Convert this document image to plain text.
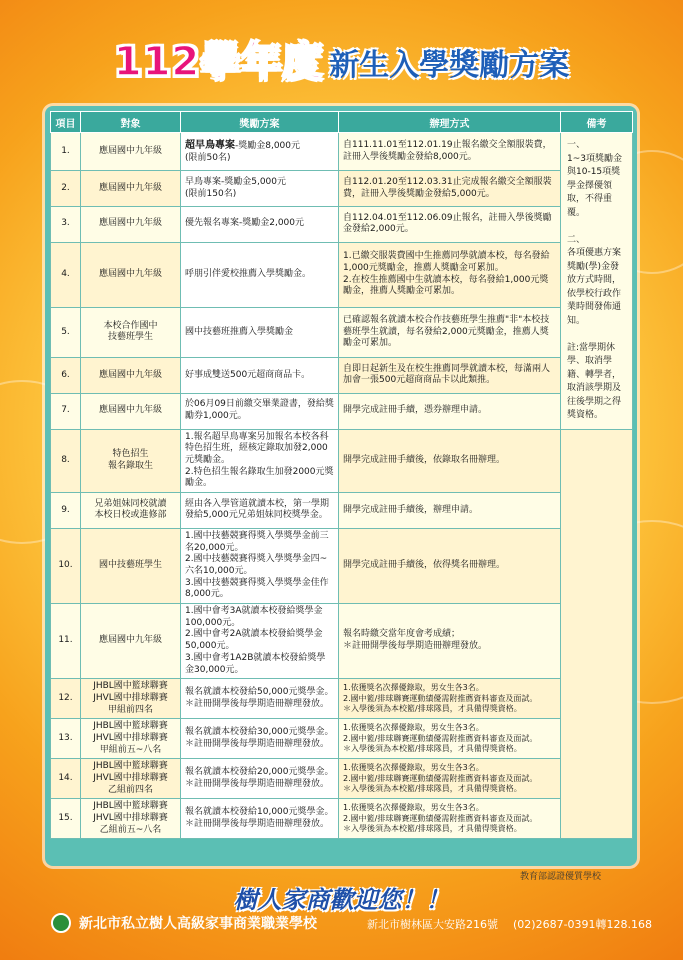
112學年度 新生入學獎勵方案
項目	對象	獎勵方案	辦理方式	備考
1.	應屆國中九年級	超早鳥專案-獎勵金8,000元
(限前50名)	自111.11.01至112.01.19止報名繳交全額服裝費，註冊入學後獎勵金發給8,000元。	一、
1~3項獎勵金與10-15項獎學金擇優領取，不得重覆。

二、
各項優惠方案獎勵(學)金發放方式時間，依學校行政作業時間發佈通知。

註:當學期休學、取消學籍、轉學者，取消該學期及往後學期之得獎資格。
2.	應屆國中九年級	早鳥專案-獎勵金5,000元
(限前150名)	自112.01.20至112.03.31止完成報名繳交全額服裝費，註冊入學後獎勵金發給5,000元。	
3.	應屆國中九年級	優先報名專案-獎勵金2,000元	自112.04.01至112.06.09止報名，註冊入學後獎勵金發給2,000元。	
4.	應屆國中九年級	呼朋引伴愛校推薦入學獎勵金。	1.已繳交服裝費國中生推薦同學就讀本校，每名發給1,000元獎勵金，推薦人獎勵金可累加。
2.在校生推薦國中生就讀本校，每名發給1,000元獎勵金，推薦人獎勵金可累加。	
5.	本校合作國中
技藝班學生	國中技藝班推薦入學獎勵金	已確認報名就讀本校合作技藝班學生推薦"非"本校技藝班學生就讀，每名發給2,000元獎勵金，推薦人獎勵金可累加。	
6.	應屆國中九年級	好事成雙送500元超商商品卡。	自即日起新生及在校生推薦同學就讀本校，每滿兩人加會一張500元超商商品卡以此類推。	
7.	應屆國中九年級	於06月09日前繳交畢業證書，發給獎勵券1,000元。	開學完成註冊手續，憑券辦理申請。	
8.	特色招生
報名錄取生	1.報名超早鳥專案另加報名本校各科特色招生班，經核定錄取加發2,000元獎勵金。
2.特色招生報名錄取生加發2000元獎勵金。	開學完成註冊手續後，依錄取名冊辦理。	
9.	兄弟姐妹同校就讀
本校日校或進修部	經由各入學管道就讀本校，第一學期發給5,000元兄弟姐妹同校獎學金。	開學完成註冊手續後，辦理申請。	
10.	國中技藝班學生	1.國中技藝競賽得獎入學獎學金前三名20,000元。
2.國中技藝競賽得獎入學獎學金四~六名10,000元。
3.國中技藝競賽得獎入學獎學金佳作8,000元。	開學完成註冊手續後，依得獎名冊辦理。	
11.	應屆國中九年級	1.國中會考3A就讀本校發給獎學金100,000元。
2.國中會考2A就讀本校發給獎學金50,000元。
3.國中會考1A2B就讀本校發給獎學金30,000元。	報名時繳交當年度會考成績；
＊註冊開學後每學期造冊辦理發放。	
12.	JHBL國中籃球聯賽
JHVL國中排球聯賽
甲組前四名	報名就讀本校發給50,000元獎學金。
＊註冊開學後每學期造冊辦理發放。	1.依獲獎名次擇優錄取，男女生各3名。
2.國中籃/排球聯賽運動績優需附推薦資料審查及面試。
＊入學後須為本校籃/排球隊員，才具備得獎資格。	
13.	JHBL國中籃球聯賽
JHVL國中排球聯賽
甲組前五~八名	報名就讀本校發給30,000元獎學金。
＊註冊開學後每學期造冊辦理發放。	1.依獲獎名次擇優錄取，男女生各3名。
2.國中籃/排球聯賽運動績優需附推薦資料審查及面試。
＊入學後須為本校籃/排球隊員，才具備得獎資格。	
14.	JHBL國中籃球聯賽
JHVL國中排球聯賽
乙組前四名	報名就讀本校發給20,000元獎學金。
＊註冊開學後每學期造冊辦理發放。	1.依獲獎名次擇優錄取，男女生各3名。
2.國中籃/排球聯賽運動績優需附推薦資料審查及面試。
＊入學後須為本校籃/排球隊員，才具備得獎資格。	
15.	JHBL國中籃球聯賽
JHVL國中排球聯賽
乙組前五~八名	報名就讀本校發給10,000元獎學金。
＊註冊開學後每學期造冊辦理發放。	1.依獲獎名次擇優錄取，男女生各3名。
2.國中籃/排球聯賽運動績優需附推薦資料審查及面試。
＊入學後須為本校籃/排球隊員，才具備得獎資格。	
教育部認證優質學校
樹人家商歡迎您！！
新北市私立樹人高級家事商業職業學校	新北市樹林區大安路216號 (02)2687-0391轉128.168
